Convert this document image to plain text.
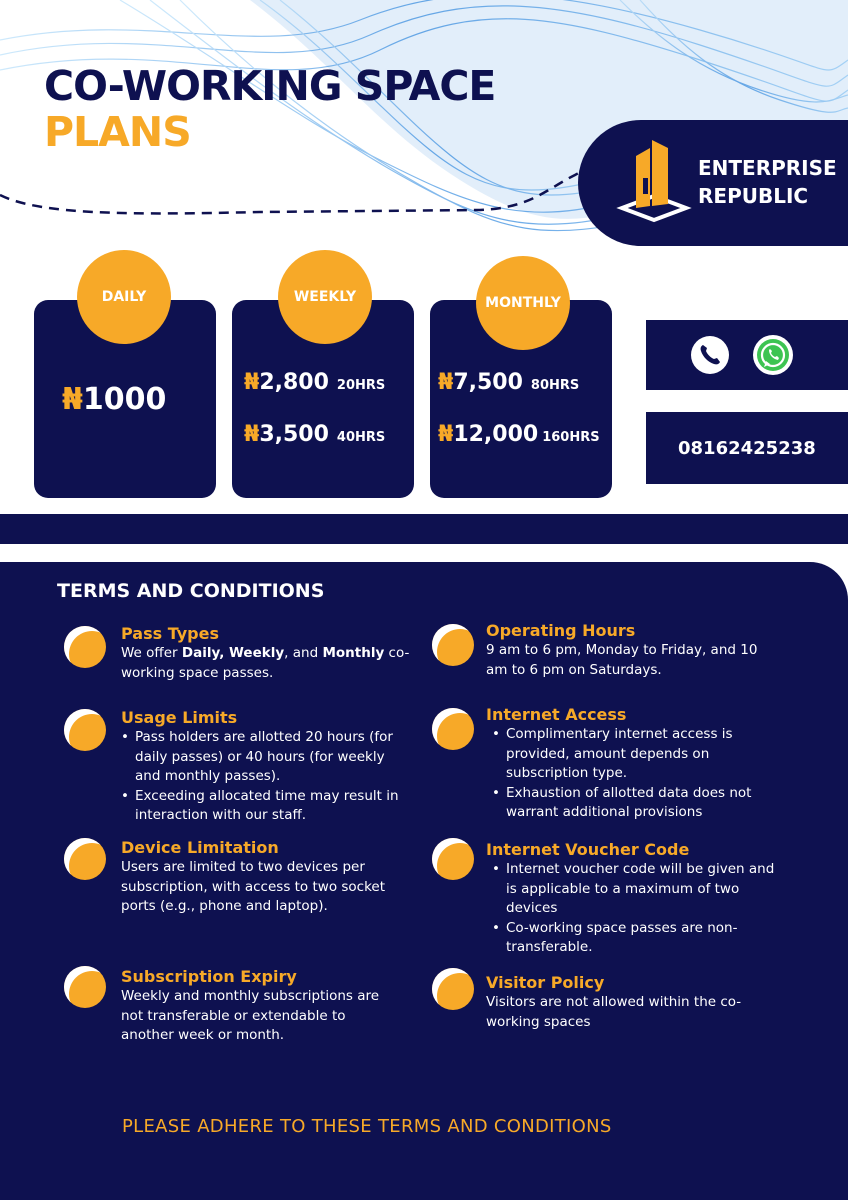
CO-WORKING SPACE
PLANS
ENTERPRISE
REPUBLIC
₦1000
DAILY
₦2,800 20HRS
₦3,500 40HRS
WEEKLY
₦7,500 80HRS
₦12,000 160HRS
MONTHLY
08162425238
TERMS AND CONDITIONS
Pass Types
We offer Daily, Weekly, and Monthly co-working space passes.
Usage Limits
• Pass holders are allotted 20 hours (for daily passes) or 40 hours (for weekly and monthly passes).
• Exceeding allocated time may result in interaction with our staff.
Device Limitation
Users are limited to two devices per subscription, with access to two socket ports (e.g., phone and laptop).
Subscription Expiry
Weekly and monthly subscriptions are not transferable or extendable to another week or month.
Operating Hours
9 am to 6 pm, Monday to Friday, and 10 am to 6 pm on Saturdays.
Internet Access
• Complimentary internet access is provided, amount depends on subscription type.
• Exhaustion of allotted data does not warrant additional provisions
Internet Voucher Code
• Internet voucher code will be given and is applicable to a maximum of two devices
• Co-working space passes are non-transferable.
Visitor Policy
Visitors are not allowed within the co-working spaces
PLEASE ADHERE TO THESE TERMS AND CONDITIONS
